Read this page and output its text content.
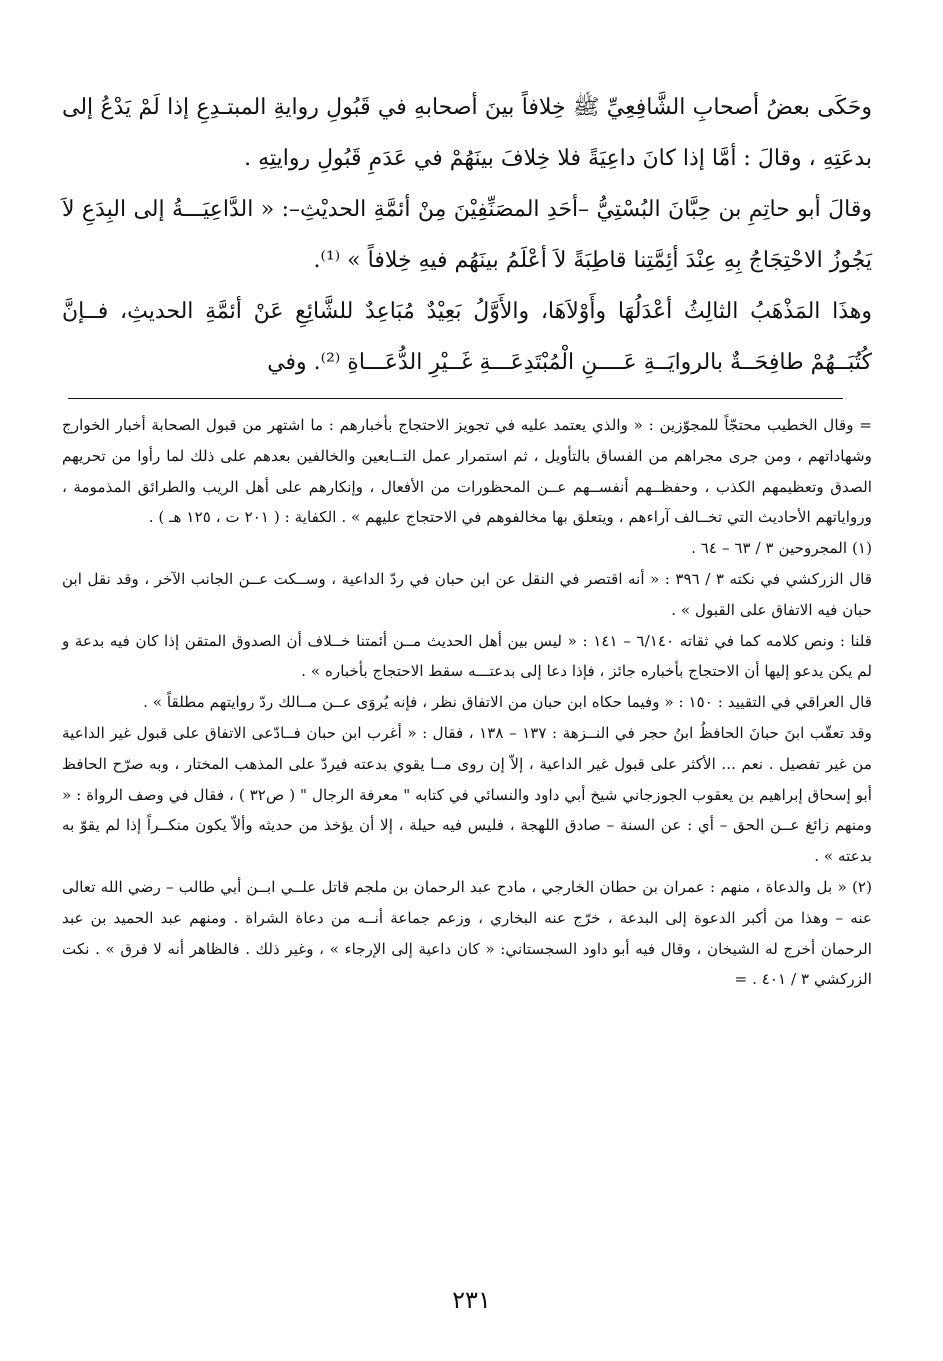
وحَكَى بعضُ أصحابِ الشَّافِعِيِّ ﷺ خِلافاً بينَ أصحابهِ في قَبُولِ روايةِ المبتـدِعِ إذا لَمْ يَدْعُ إلى بدعَتِهِ ، وقالَ : أمَّا إذا كانَ داعِيَةً فلا خِلافَ بينَهُمْ في عَدَمِ قَبُولِ روايتِهِ .

وقالَ أبو حاتِمِ بن حِبَّانَ البُسْتِيُّ –أحَدِ المصَنِّفِيْنَ مِنْ أئمَّةِ الحديْثِ–: « الدَّاعِيَـــةُ إلى البِدَعِ لاَ يَجُوزُ الاحْتِجَاجُ بِهِ عِنْدَ أئِمَّتِنا قاطِبَةً لاَ أعْلَمُ بينَهُم فيهِ خِلافاً » ⁽¹⁾.

وهذَا المَذْهَبُ الثالِثُ أعْدَلُهَا وأَوْلاَهَا، والأَوَّلُ بَعِيْدٌ مُبَاعِدٌ للشَّائِعِ عَنْ أئمَّةِ الحديثِ، فــإنَّ كُتُبَــهُمْ طافِحَــةٌ بالروايَــةِ عَــــنِ الْمُبْتَدِعَـــةِ غَــيْرِ الدُّعَـــاةِ ⁽²⁾. وفي

= وقال الخطيب محتجّاً للمجوّزين : « والذي يعتمد عليه في تجويز الاحتجاج بأخبارهم : ما اشتهر من قبول الصحابة أخبار الخوارج وشهاداتهم ، ومن جرى مجراهم من الفساق بالتأويل ، ثم استمرار عمل التــابعين والخالفين بعدهم على ذلك لما رأوا من تحريهم الصدق وتعظيمهم الكذب ، وحفظــهم أنفســهم عــن المحظورات من الأفعال ، وإنكارهم على أهل الريب والطرائق المذمومة ، ورواياتهم الأحاديث التي تخــالف آراءهم ، ويتعلق بها مخالفوهم في الاحتجاج عليهم » . الكفاية : ( ٢٠١ ت ، ١٢٥ هـ ) .

(١) المجروحين ٣ / ٦٣ – ٦٤ .

قال الزركشي في نكته ٣ / ٣٩٦ : « أنه اقتصر في النقل عن ابن حبان في ردّ الداعية ، وســكت عــن الجانب الآخر ، وقد نقل ابن حبان فيه الاتفاق على القبول » .

قلنا : ونص كلامه كما في ثقاته ٦/١٤٠ – ١٤١ : « ليس بين أهل الحديث مــن أئمتنا خــلاف أن الصدوق المتقن إذا كان فيه بدعة و لم يكن يدعو إليها أن الاحتجاج بأخباره جائز ، فإذا دعا إلى بدعتـــه سقط الاحتجاج بأخباره » .

قال العراقي في التقييد : ١٥٠ : « وفيما حكاه ابن حبان من الاتفاق نظر ، فإنه يُروَى عــن مــالك ردّ روايتهم مطلقاً » .

وقد تعقّب ابنَ حبانَ الحافظُ ابنُ حجر في النــزهة : ١٣٧ – ١٣٨ ، فقال : « أغرب ابن حبان فــادّعى الاتفاق على قبول غير الداعية من غير تفصيل . نعم ... الأكثر على قبول غير الداعية ، إلاّ إن روى مــا يقوي بدعته فيردّ على المذهب المختار ، وبه صرّح الحافظ أبو إسحاق إبراهيم بن يعقوب الجوزجاني شيخ أبي داود والنسائي في كتابه " معرفة الرجال " ( ص٣٢ ) ، فقال في وصف الرواة : « ومنهم زائغ عــن الحق – أي : عن السنة – صادق اللهجة ، فليس فيه حيلة ، إلا أن يؤخذ من حديثه وألاّ يكون منكــراً إذا لم يقوّ به بدعته » .

(٢) « بل والدعاة ، منهم : عمران بن حطان الخارجي ، مادح عبد الرحمان بن ملجم قاتل علــي ابــن أبي طالب – رضي الله تعالى عنه – وهذا من أكبر الدعوة إلى البدعة ، خرّج عنه البخاري ، وزعم جماعة أنــه من دعاة الشراة . ومنهم عبد الحميد بن عبد الرحمان أخرج له الشيخان ، وقال فيه أبو داود السجستاني: « كان داعية إلى الإرجاء » ، وغير ذلك . فالظاهر أنه لا فرق » . نكت الزركشي ٣ / ٤٠١ . =

٢٣١
